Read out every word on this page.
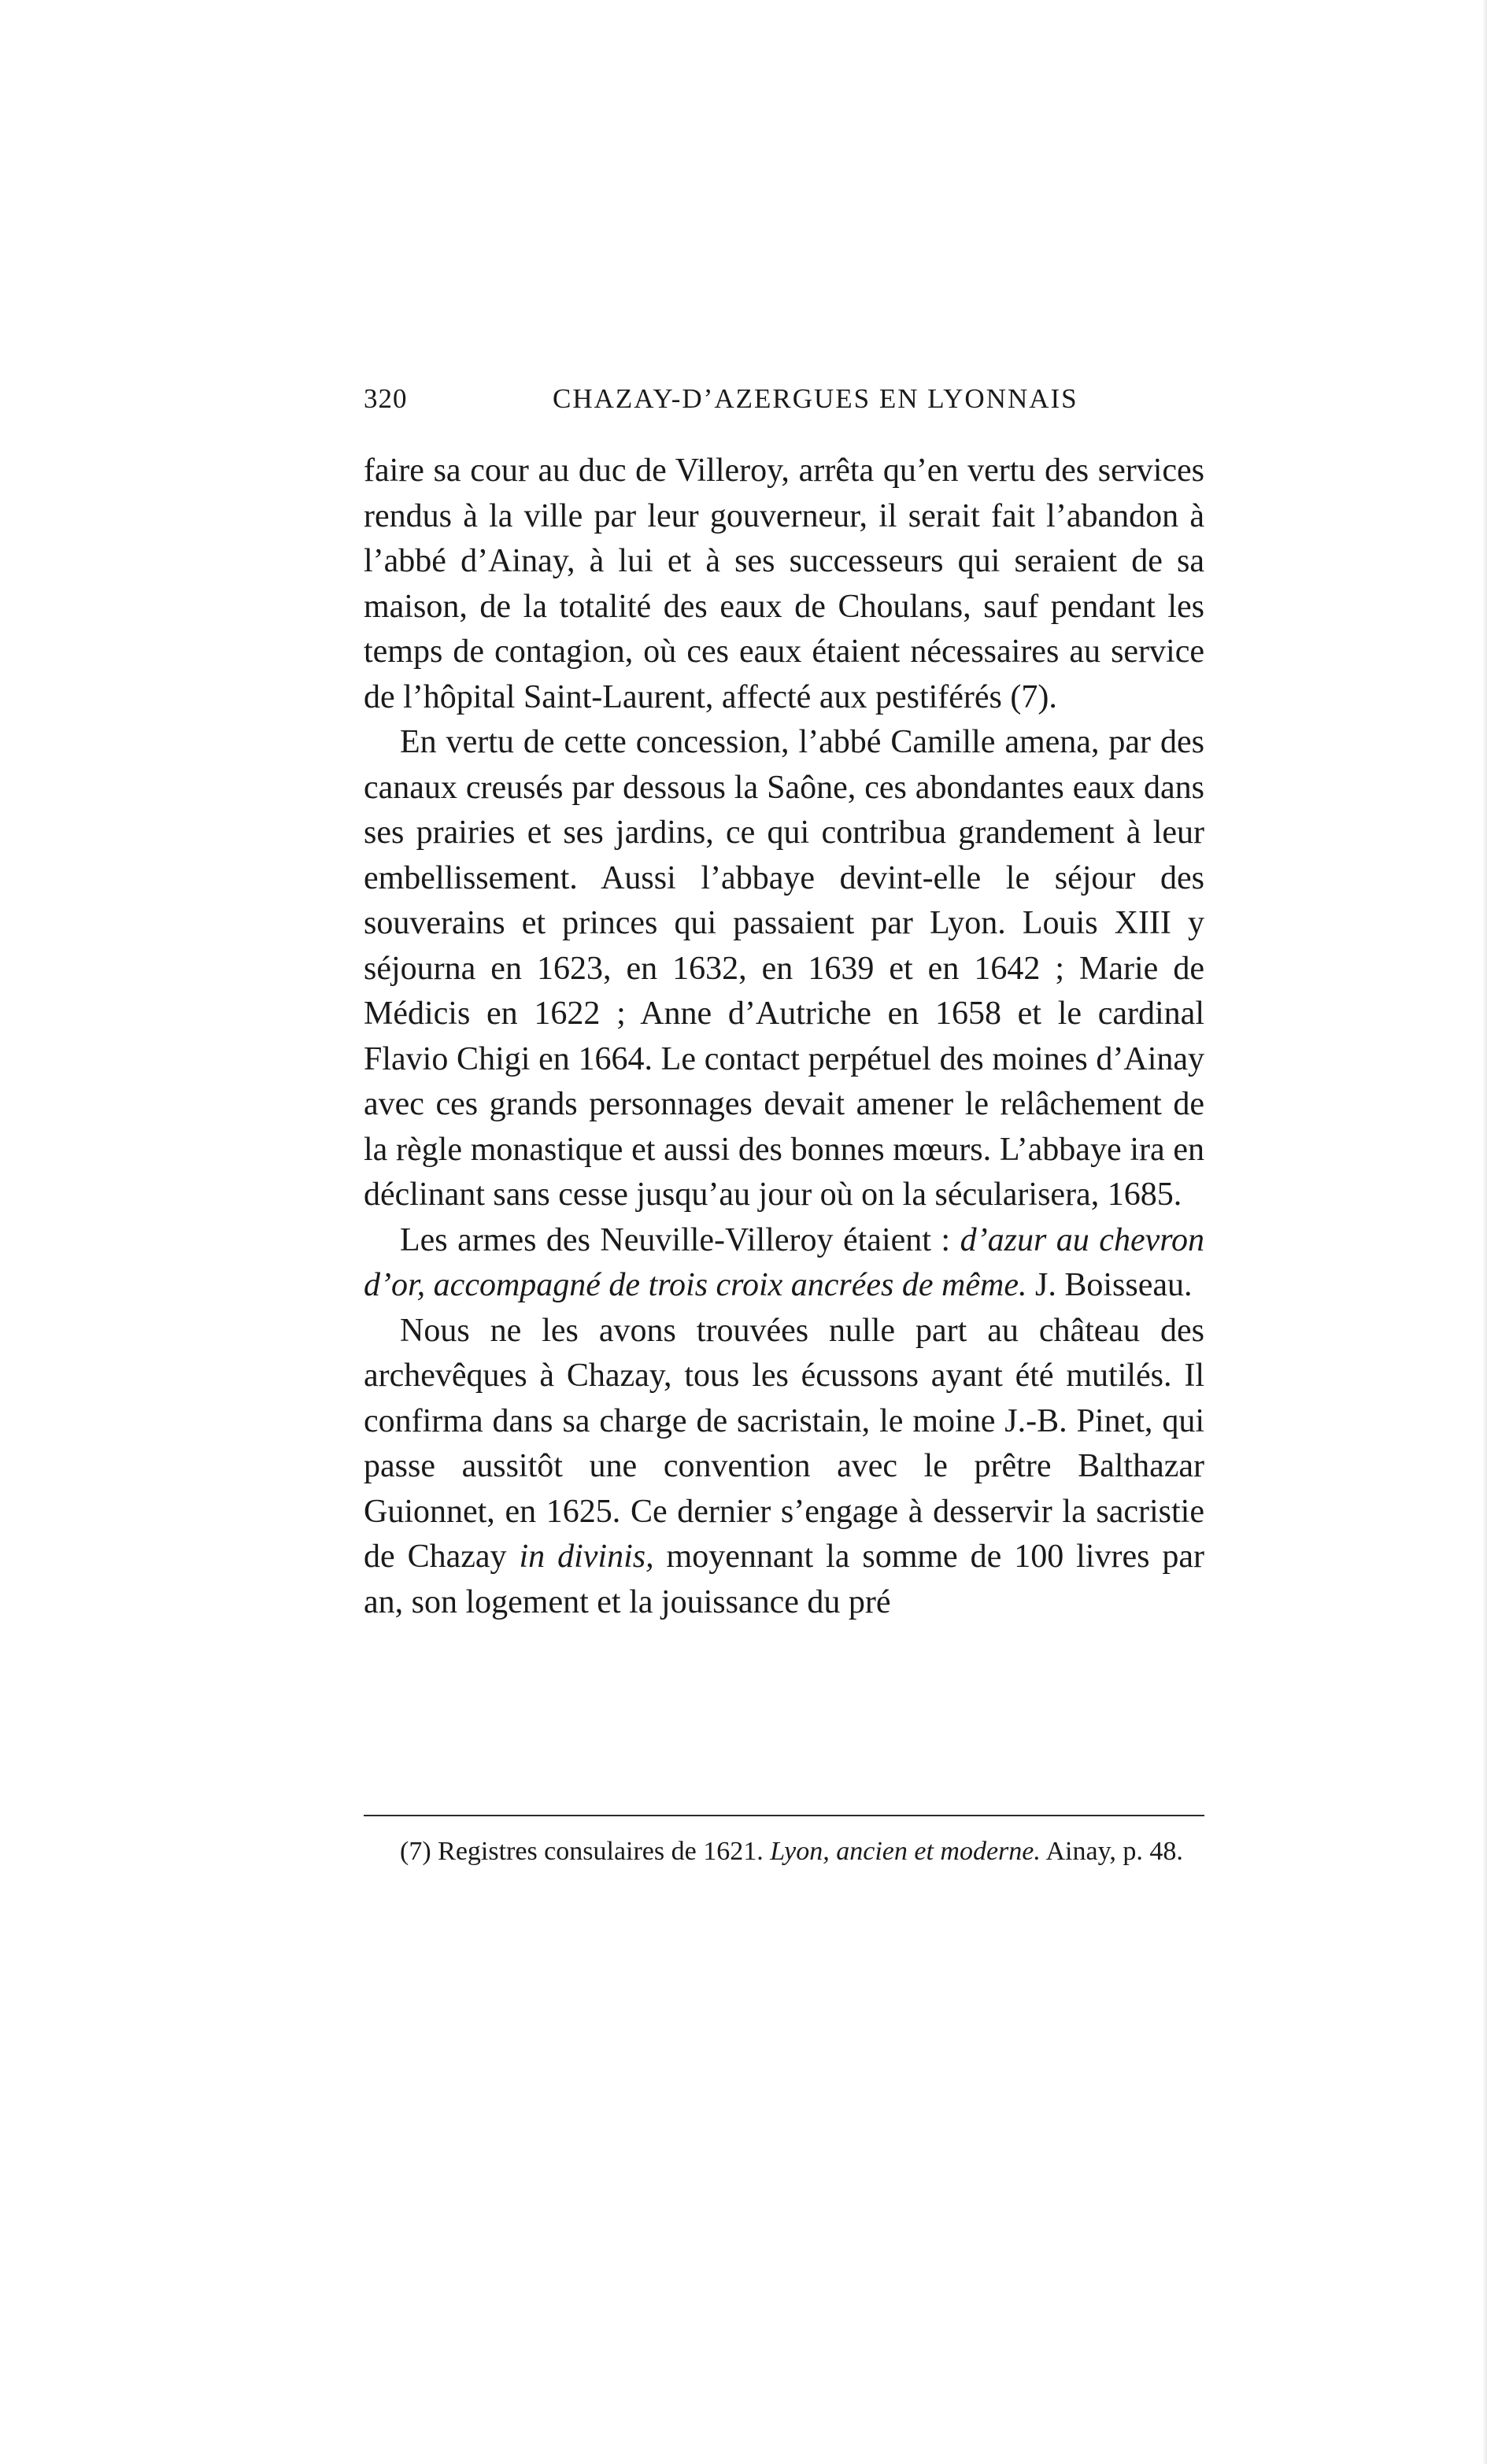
320	CHAZAY-D’AZERGUES EN LYONNAIS

faire sa cour au duc de Villeroy, arrêta qu’en vertu des services rendus à la ville par leur gouverneur, il serait fait l’abandon à l’abbé d’Ainay, à lui et à ses successeurs qui seraient de sa maison, de la totalité des eaux de Choulans, sauf pendant les temps de contagion, où ces eaux étaient nécessaires au service de l’hôpital Saint-Laurent, affecté aux pestiférés (7).

En vertu de cette concession, l’abbé Camille amena, par des canaux creusés par dessous la Saône, ces abondantes eaux dans ses prairies et ses jardins, ce qui contribua grandement à leur embellissement. Aussi l’abbaye devint-elle le séjour des souverains et princes qui passaient par Lyon. Louis XIII y séjourna en 1623, en 1632, en 1639 et en 1642 ; Marie de Médicis en 1622 ; Anne d’Autriche en 1658 et le cardinal Flavio Chigi en 1664. Le contact perpétuel des moines d’Ainay avec ces grands personnages devait amener le relâchement de la règle monastique et aussi des bonnes mœurs. L’abbaye ira en déclinant sans cesse jusqu’au jour où on la sécularisera, 1685.

Les armes des Neuville-Villeroy étaient : d’azur au chevron d’or, accompagné de trois croix ancrées de même. J. Boisseau.

Nous ne les avons trouvées nulle part au château des archevêques à Chazay, tous les écussons ayant été mutilés. Il confirma dans sa charge de sacristain, le moine J.-B. Pinet, qui passe aussitôt une convention avec le prêtre Balthazar Guionnet, en 1625. Ce dernier s’engage à desservir la sacristie de Chazay in divinis, moyennant la somme de 100 livres par an, son logement et la jouissance du pré

(7) Registres consulaires de 1621. Lyon, ancien et moderne. Ainay, p. 48.
